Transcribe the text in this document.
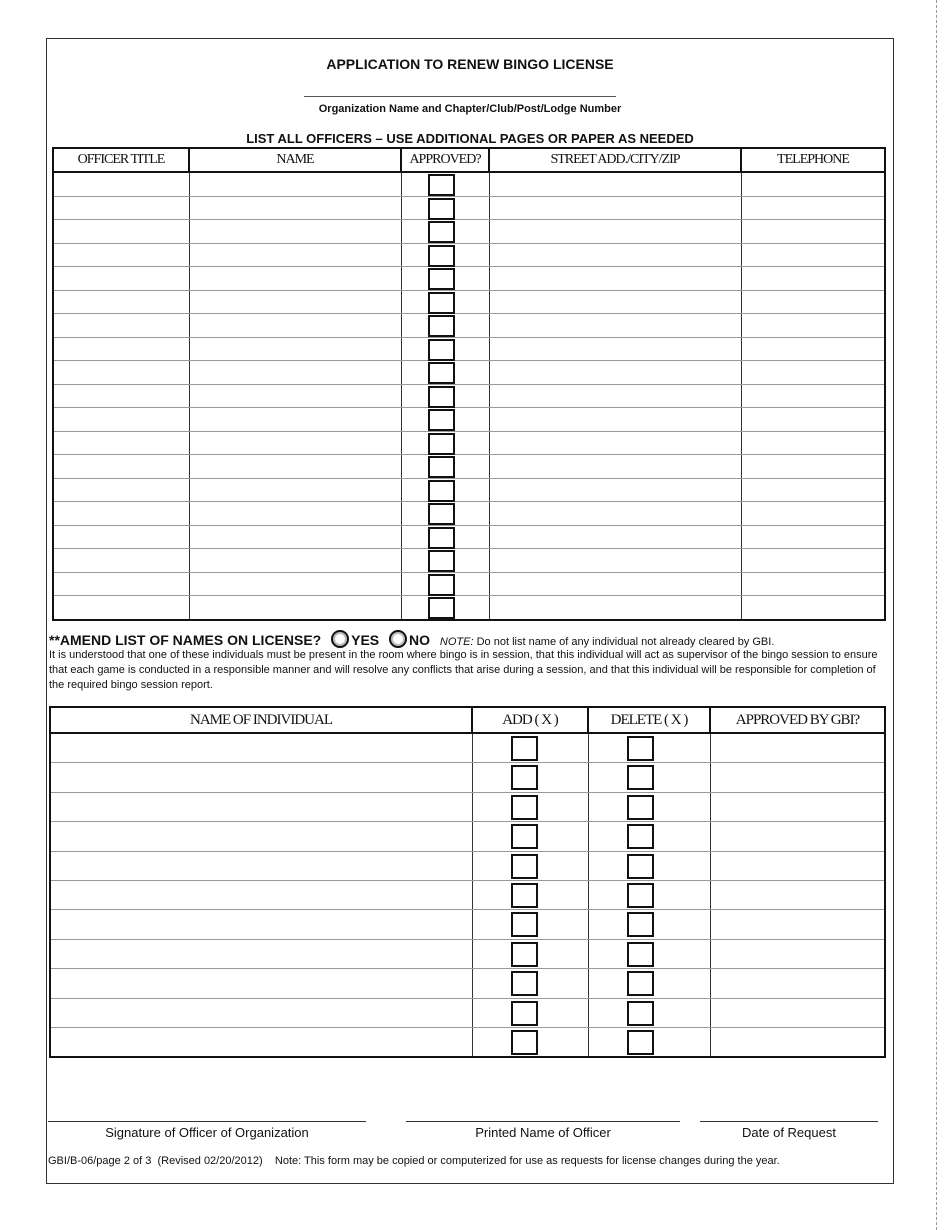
APPLICATION TO RENEW BINGO LICENSE
Organization Name and Chapter/Club/Post/Lodge Number
LIST ALL OFFICERS – USE ADDITIONAL PAGES OR PAPER AS NEEDED
OFFICER TITLE	NAME	APPROVED?	STREET ADD./CITY/ZIP	TELEPHONE

**AMEND LIST OF NAMES ON LICENSE? YES NO NOTE: Do not list name of any individual not already cleared by GBI.
It is understood that one of these individuals must be present in the room where bingo is in session, that this individual will act as supervisor of the bingo session to ensure that each game is conducted in a responsible manner and will resolve any conflicts that arise during a session, and that this individual will be responsible for completion of the required bingo session report.
NAME OF INDIVIDUAL	ADD ( X )	DELETE ( X )	APPROVED BY GBI?

Signature of Officer of Organization	Printed Name of Officer	Date of Request
GBI/B-06/page 2 of 3 (Revised 02/20/2012) Note: This form may be copied or computerized for use as requests for license changes during the year.
